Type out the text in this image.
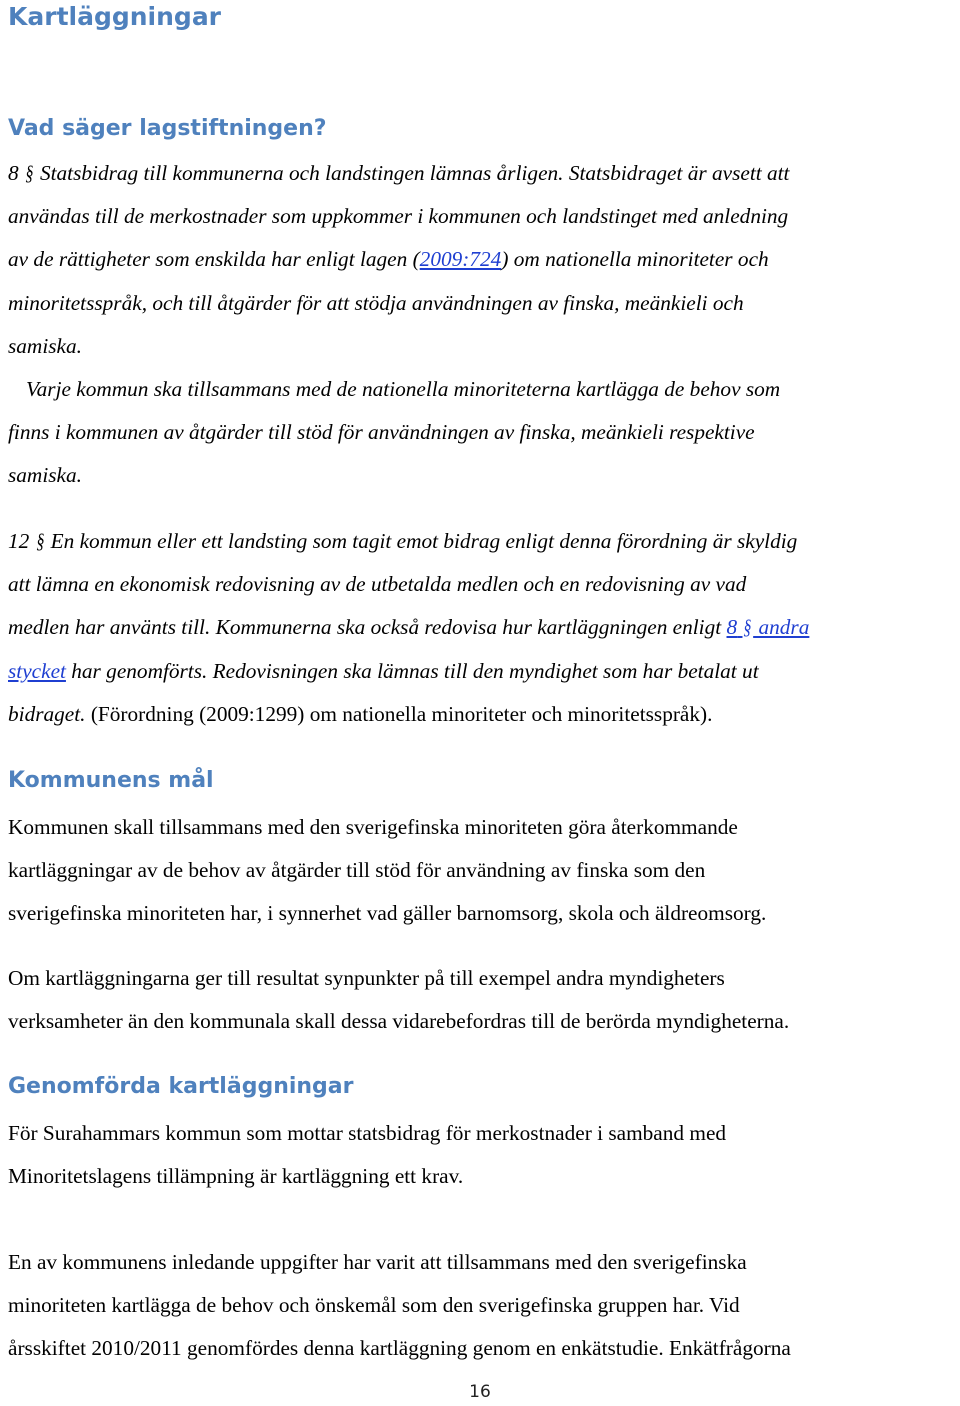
Kartläggningar
Vad säger lagstiftningen?
8 § Statsbidrag till kommunerna och landstingen lämnas årligen. Statsbidraget är avsett att
användas till de merkostnader som uppkommer i kommunen och landstinget med anledning
av de rättigheter som enskilda har enligt lagen (2009:724) om nationella minoriteter och
minoritetsspråk, och till åtgärder för att stödja användningen av finska, meänkieli och
samiska.
Varje kommun ska tillsammans med de nationella minoriteterna kartlägga de behov som
finns i kommunen av åtgärder till stöd för användningen av finska, meänkieli respektive
samiska.
12 § En kommun eller ett landsting som tagit emot bidrag enligt denna förordning är skyldig
att lämna en ekonomisk redovisning av de utbetalda medlen och en redovisning av vad
medlen har använts till. Kommunerna ska också redovisa hur kartläggningen enligt 8 § andra
stycket har genomförts. Redovisningen ska lämnas till den myndighet som har betalat ut
bidraget. (Förordning (2009:1299) om nationella minoriteter och minoritetsspråk).
Kommunens mål
Kommunen skall tillsammans med den sverigefinska minoriteten göra återkommande
kartläggningar av de behov av åtgärder till stöd för användning av finska som den
sverigefinska minoriteten har, i synnerhet vad gäller barnomsorg, skola och äldreomsorg.
Om kartläggningarna ger till resultat synpunkter på till exempel andra myndigheters
verksamheter än den kommunala skall dessa vidarebefordras till de berörda myndigheterna.
Genomförda kartläggningar
För Surahammars kommun som mottar statsbidrag för merkostnader i samband med
Minoritetslagens tillämpning är kartläggning ett krav.
En av kommunens inledande uppgifter har varit att tillsammans med den sverigefinska
minoriteten kartlägga de behov och önskemål som den sverigefinska gruppen har. Vid
årsskiftet 2010/2011 genomfördes denna kartläggning genom en enkätstudie. Enkätfrågorna
16
